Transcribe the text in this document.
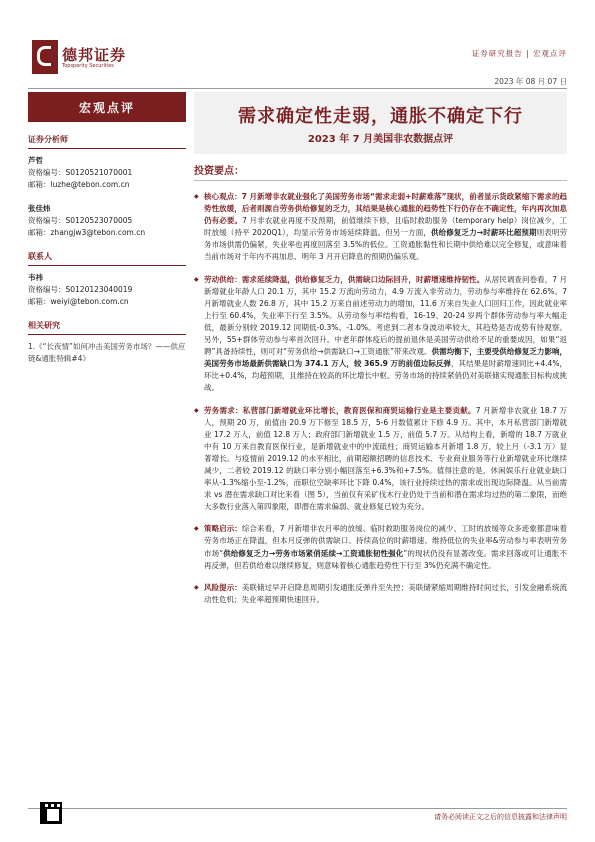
德邦证券
Topsperity Securities
证券研究报告 | 宏观点评
2023 年 08 月 07 日
宏观点评
证券分析师
芦哲
资格编号：S0120521070001
邮箱：luzhe@tebon.com.cn
张佳炜
资格编号：S0120523070005
邮箱：zhangjw3@tebon.com.cn
联系人
韦祎
资格编号：S0120123040019
邮箱：weiyi@tebon.com.cn
相关研究
1.《“长夜情”如何冲击美国劳务市场？——供应链&通胀特辑#4》
需求确定性走弱，通胀不确定下行
2023 年 7 月美国非农数据点评
投资要点：
◆ 核心观点：7 月新增非农就业强化了美国劳务市场“需求走弱+时薪难落”现状，前者显示货政紧缩下需求的趋势性放缓，后者则源自劳务供给修复的乏力，其结果是核心通胀的趋势性下行仍存在不确定性，年内再次加息仍有必要。7 月非农就业再度不及预期，前值继续下修，且临时救助服务（temporary help）岗位减少，工时放缓（持平 2020Q1），均显示劳务市场延续降温。但另一方面，供给修复乏力→时薪环比超预期则表明劳务市场供需仍偏紧，失业率也再度回落至 3.5%的低位。工资通胀黏性和长期中供给难以完全修复，或意味着当前市场对于年内不再加息、明年 3 月开启降息的预期仍偏乐观。
◆ 劳动供给：需求延续降温，供给修复乏力，供需缺口边际回升，时薪增速维持韧性。从居民调查问卷看，7 月新增就业年龄人口 20.1 万，其中 15.2 万流向劳动力，4.9 万流入非劳动力，劳动参与率维持在 62.6%。7 月新增就业人数 26.8 万，其中 15.2 万来自前述劳动力的增加，11.6 万来自失业人口回归工作，因此就业率上行至 60.4%，失业率下行至 3.5%。从劳动参与率结构看，16-19、20-24 岁两个群体劳动参与率大幅走低，最新分别较 2019.12 同期低-0.3%、-1.0%。考虑到二者本身波动率较大，其趋势是否成势有待观察。另外，55+群体劳动参与率首次回升。中老年群体疫后的提前退休是美国劳动供给不足的重要成因，如果“返聘”具备持续性，则可对“劳务供给→供需缺口→工资通胀”带来改观。供需均衡下，主要受供给修复乏力影响，美国劳务市场最新供需缺口为 374.1 万人，较 365.9 万的前值边际反弹，其结果是时薪增速同比+4.4%，环比+0.4%，均超预期，且维持在较高的环比增长中枢。劳务市场的持续紧俏仍对美联储实现通胀目标构成挑战。
◆ 劳务需求：私营部门新增就业环比增长，教育医保和商贸运输行业是主要贡献。7 月新增非农就业 18.7 万人，预期 20 万，前值由 20.9 万下修至 18.5 万，5-6 月数值累计下修 4.9 万。其中，本月私营部门新增就业 17.2 万人，前值 12.8 万人；政府部门新增就业 1.5 万，前值 5.7 万。从结构上看，新增的 18.7 万就业中有 10 万来自教育医保行业，是新增就业中的中流砥柱；商贸运输本月新增 1.8 万，较上月（-3.1 万）显著增长。与疫情前 2019.12 的水平相比，前期超额招聘的信息技术、专业商业服务等行业新增就业环比继续减少，二者较 2019.12 的缺口率分别小幅回落至+6.3%和+7.5%。值得注意的是，休闲娱乐行业就业缺口率从-1.3%缩小至-1.2%，而职位空缺率环比下降 0.4%，该行业持续过热的需求或出现边际降温。从当前需求 vs 潜在需求缺口对比来看（图 5），当前仅有采矿伐木行业仍处于当前和潜在需求均过热的第二象限，而绝大多数行业落入第四象限，即潜在需求偏弱、就业修复已较为充分。
◆ 策略启示：综合来看，7 月新增非农月率的放缓、临时救助服务岗位的减少、工时的放缓等众多迹象都意味着劳务市场正在降温，但本月反弹的供需缺口、持续高位的时薪增速、维持低位的失业率&劳动参与率表明劳务市场“供给修复乏力→劳务市场紧俏延续→工资通胀韧性强化”的现状仍没有显著改变。需求回落或可让通胀不再反弹，但若供给难以继续修复，则意味着核心通胀趋势性下行至 3%仍充满不确定性。
◆ 风险提示：美联储过早开启降息周期引发通胀反弹并至失控；美联储紧缩周期维持时间过长，引发金融系统流动性危机；失业率超预期快速回升。
请务必阅读正文之后的信息披露和法律声明
